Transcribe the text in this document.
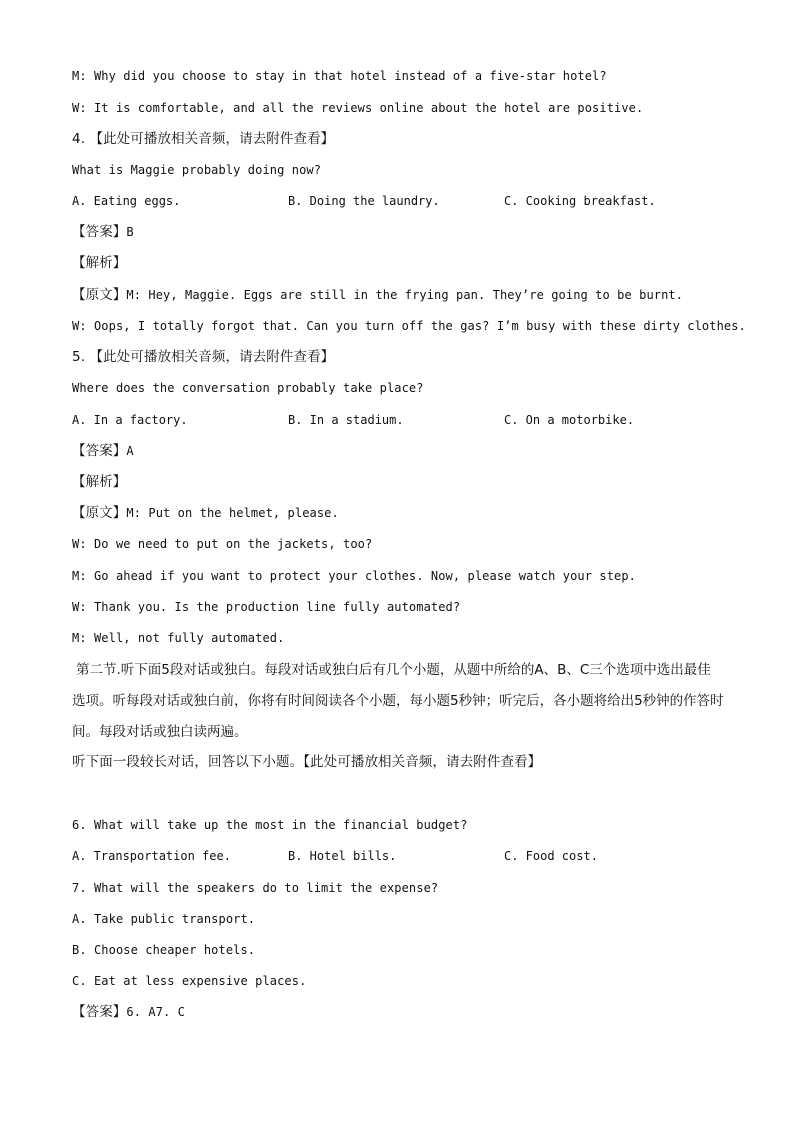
M: Why did you choose to stay in that hotel instead of a five-star hotel?
W: It is comfortable, and all the reviews online about the hotel are positive.
4. 【此处可播放相关音频，请去附件查看】
What is Maggie probably doing now?
A. Eating eggs.	B. Doing the laundry.	C. Cooking breakfast.
【答案】B
【解析】
【原文】M: Hey, Maggie. Eggs are still in the frying pan. They’re going to be burnt.
W: Oops, I totally forgot that. Can you turn off the gas? I’m busy with these dirty clothes.
5. 【此处可播放相关音频，请去附件查看】
Where does the conversation probably take place?
A. In a factory.	B. In a stadium.	C. On a motorbike.
【答案】A
【解析】
【原文】M: Put on the helmet, please.
W: Do we need to put on the jackets, too?
M: Go ahead if you want to protect your clothes. Now, please watch your step.
W: Thank you. Is the production line fully automated?
M: Well, not fully automated.
第二节.听下面5段对话或独白。每段对话或独白后有几个小题，从题中所给的A、B、C三个选项中选出最佳选项。听每段对话或独白前，你将有时间阅读各个小题，每小题5秒钟；听完后，各小题将给出5秒钟的作答时间。每段对话或独白读两遍。
听下面一段较长对话，回答以下小题。【此处可播放相关音频，请去附件查看】
6. What will take up the most in the financial budget?
A. Transportation fee.	B. Hotel bills.	C. Food cost.
7. What will the speakers do to limit the expense?
A. Take public transport.
B. Choose cheaper hotels.
C. Eat at less expensive places.
【答案】6. A7. C
